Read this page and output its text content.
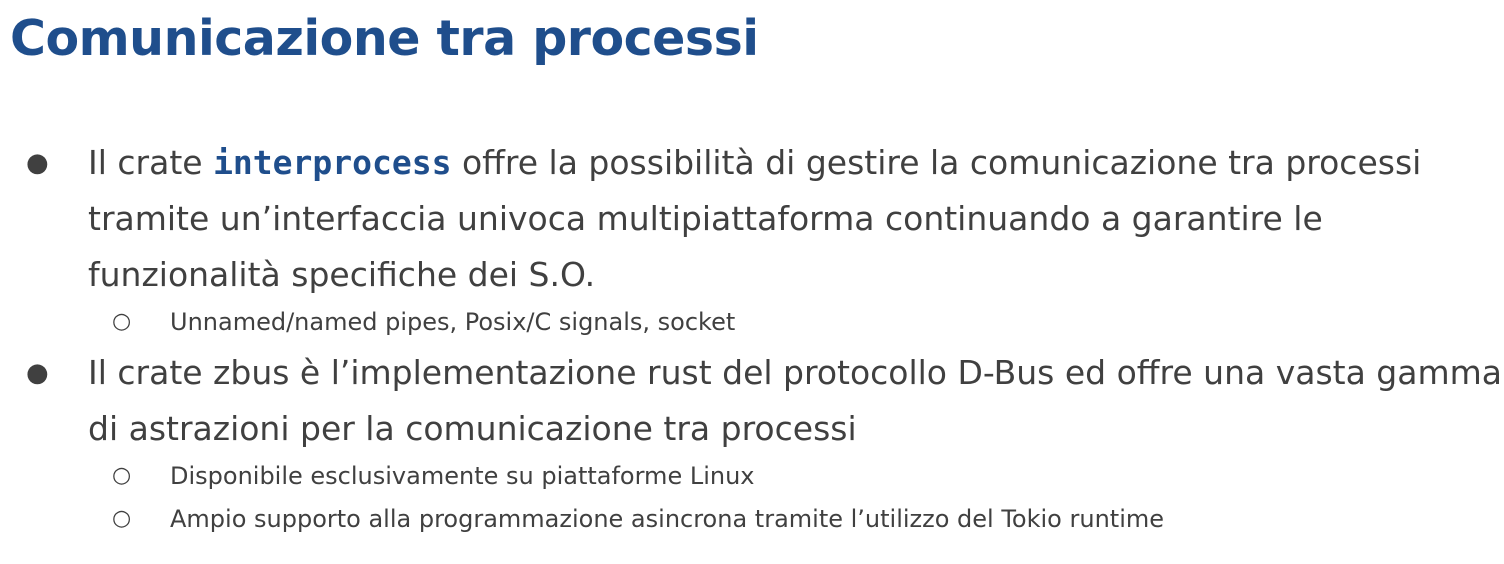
Comunicazione tra processi
● Il crate interprocess offre la possibilità di gestire la comunicazione tra processi
tramite un’interfaccia univoca multipiattaforma continuando a garantire le
funzionalità specifiche dei S.O.
○ Unnamed/named pipes, Posix/C signals, socket
● Il crate zbus è l’implementazione rust del protocollo D-Bus ed offre una vasta gamma
di astrazioni per la comunicazione tra processi
○ Disponibile esclusivamente su piattaforme Linux
○ Ampio supporto alla programmazione asincrona tramite l’utilizzo del Tokio runtime
